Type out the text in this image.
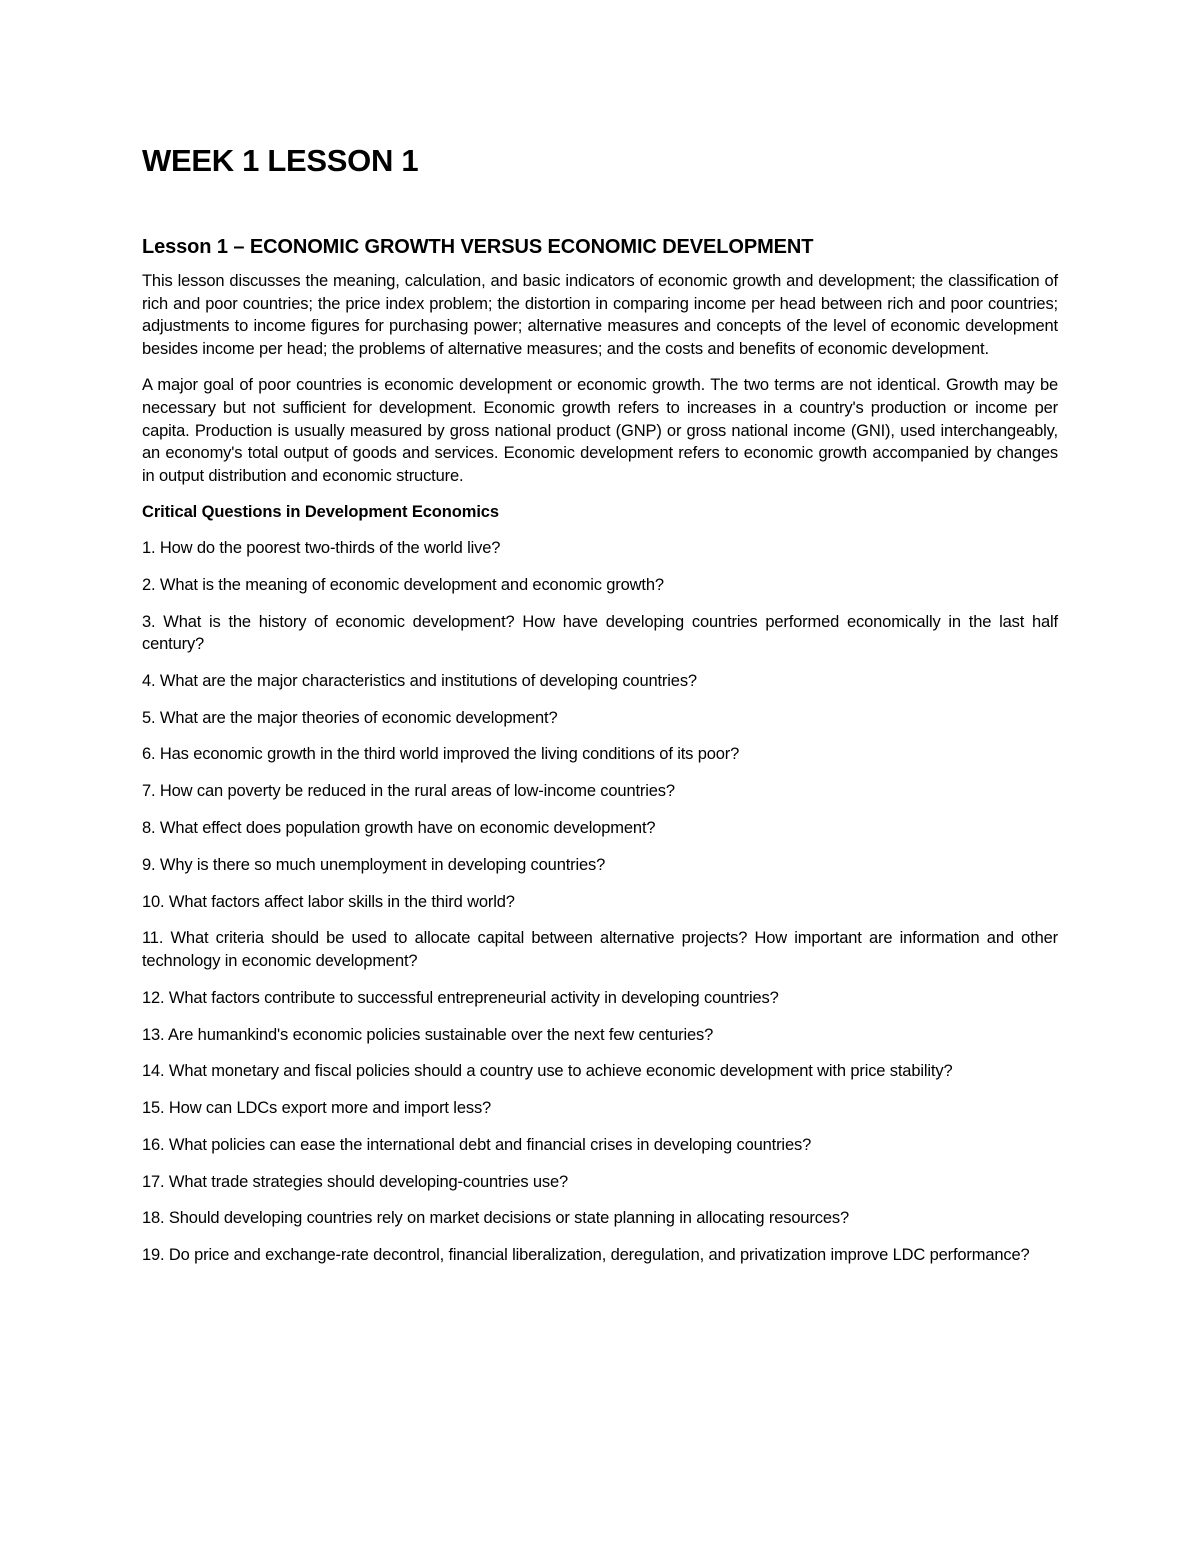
WEEK 1 LESSON 1
Lesson 1 – ECONOMIC GROWTH VERSUS ECONOMIC DEVELOPMENT

This lesson discusses the meaning, calculation, and basic indicators of economic growth and development; the classification of rich and poor countries; the price index problem; the distortion in comparing income per head between rich and poor countries; adjustments to income figures for purchasing power; alternative measures and concepts of the level of economic development besides income per head; the problems of alternative measures; and the costs and benefits of economic development.

A major goal of poor countries is economic development or economic growth. The two terms are not identical. Growth may be necessary but not sufficient for development. Economic growth refers to increases in a country's production or income per capita. Production is usually measured by gross national product (GNP) or gross national income (GNI), used interchangeably, an economy's total output of goods and services. Economic development refers to economic growth accompanied by changes in output distribution and economic structure.

Critical Questions in Development Economics
1. How do the poorest two-thirds of the world live?
2. What is the meaning of economic development and economic growth?
3. What is the history of economic development? How have developing countries performed economically in the last half century?
4. What are the major characteristics and institutions of developing countries?
5. What are the major theories of economic development?
6. Has economic growth in the third world improved the living conditions of its poor?
7. How can poverty be reduced in the rural areas of low-income countries?
8. What effect does population growth have on economic development?
9. Why is there so much unemployment in developing countries?
10. What factors affect labor skills in the third world?
11. What criteria should be used to allocate capital between alternative projects? How important are information and other technology in economic development?
12. What factors contribute to successful entrepreneurial activity in developing countries?
13. Are humankind's economic policies sustainable over the next few centuries?
14. What monetary and fiscal policies should a country use to achieve economic development with price stability?
15. How can LDCs export more and import less?
16. What policies can ease the international debt and financial crises in developing countries?
17. What trade strategies should developing-countries use?
18. Should developing countries rely on market decisions or state planning in allocating resources?
19. Do price and exchange-rate decontrol, financial liberalization, deregulation, and privatization improve LDC performance?
